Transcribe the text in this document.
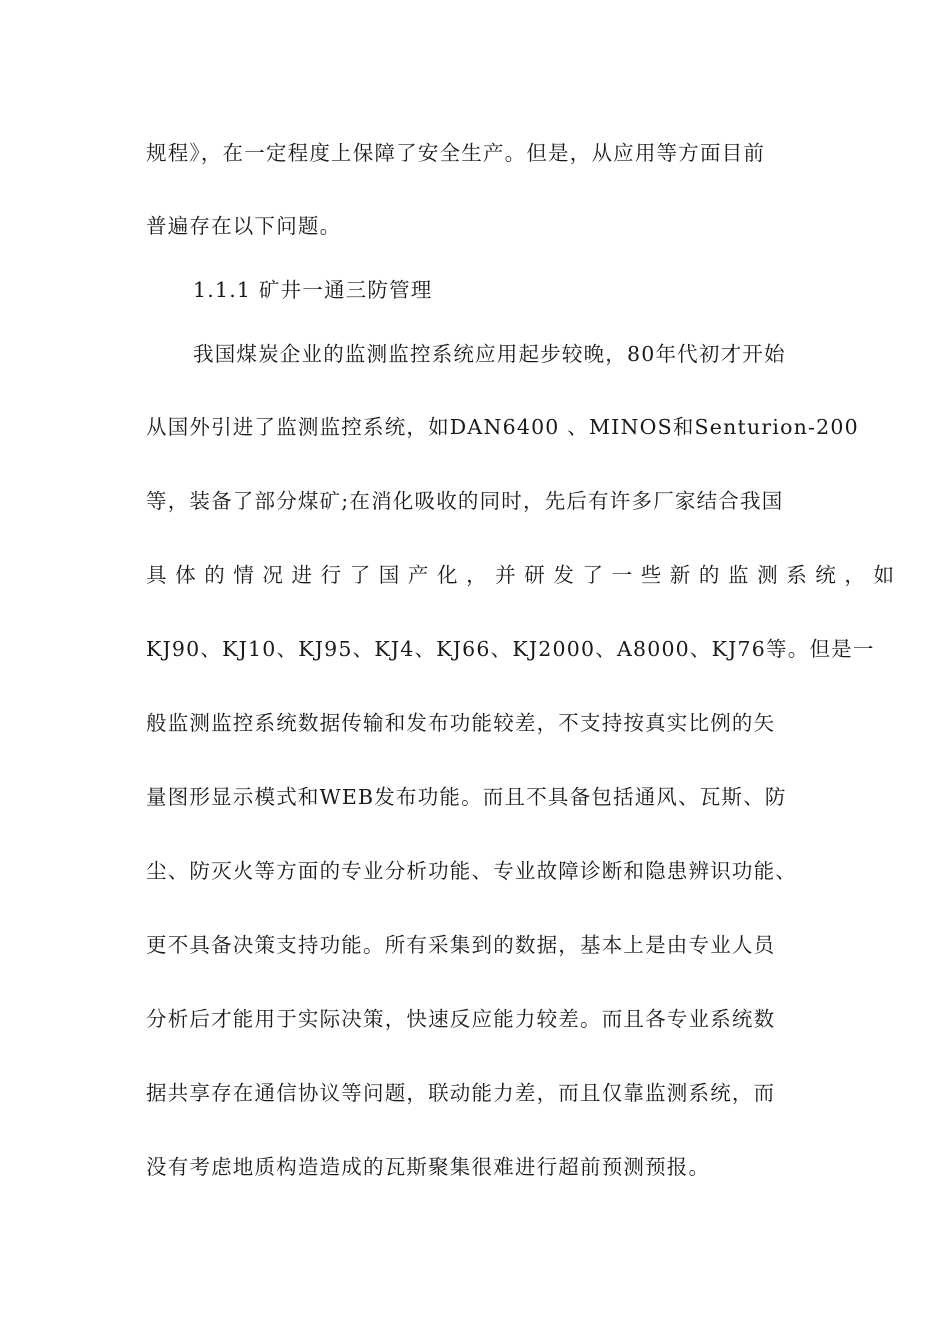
规程》，在一定程度上保障了安全生产。但是，从应用等方面目前
普遍存在以下问题。
1.1.1 矿井一通三防管理
我国煤炭企业的监测监控系统应用起步较晚，80年代初才开始
从国外引进了监测监控系统，如DAN6400 、MINOS和Senturion-200
等，装备了部分煤矿;在消化吸收的同时，先后有许多厂家结合我国
具体的情况进行了国产化，并研发了一些新的监测系统，如
KJ90、KJ10、KJ95、KJ4、KJ66、KJ2000、A8000、KJ76等。但是一
般监测监控系统数据传输和发布功能较差，不支持按真实比例的矢
量图形显示模式和WEB发布功能。而且不具备包括通风、瓦斯、防
尘、防灭火等方面的专业分析功能、专业故障诊断和隐患辨识功能、
更不具备决策支持功能。所有采集到的数据，基本上是由专业人员
分析后才能用于实际决策，快速反应能力较差。而且各专业系统数
据共享存在通信协议等问题，联动能力差，而且仅靠监测系统，而
没有考虑地质构造造成的瓦斯聚集很难进行超前预测预报。
